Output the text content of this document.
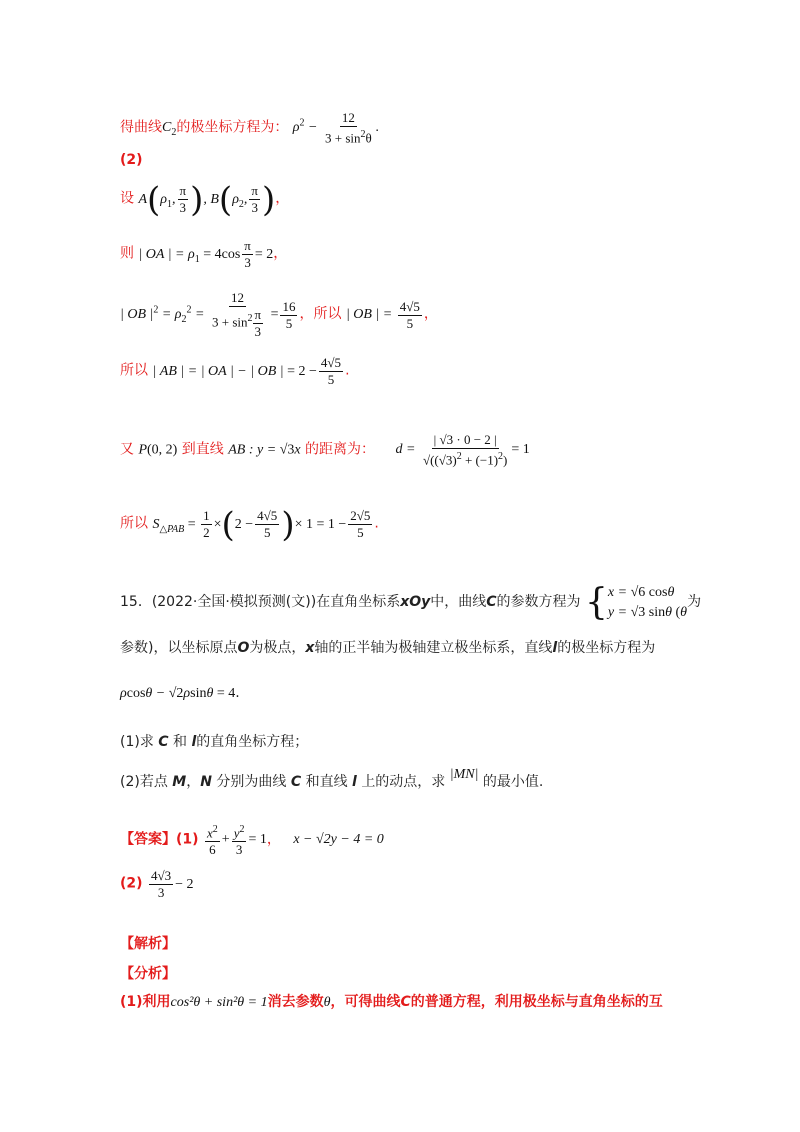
得曲线$C_2$的极坐标方程为： $\rho^2 - \frac{12}{3 + \sin^2\theta}$ .
(2)
设 $A(\rho_1$, $\frac{\pi}{3}$ ), $B(\rho_2$, $\frac{\pi}{3}$ )，
则 | OA | = $\rho_1 = 4\cos \frac{\pi}{3} = 2$，
| OB $|^2 = \rho_2^2 = \frac{12}{3 + \sin^2 \frac{\pi}{3}} = \frac{16}{5}$ ，所以 | OB | = $\frac{4√5}{5}$ ，
所以 | AB | = | OA | − | OB | = $2 - \frac{4√5}{5}$ .
又 P(0, 2) 到直线 AB : y = √3x 的距离为： $d = \frac{| √3 \cdot 0 - 2 |}{√((√3)^2 + (-1)^2)} = 1$
所以 $S_{\triangle PAB} = \frac{1}{2} \times(2 - \frac{4√5}{5}$ )× $1 = 1 - \frac{2√5}{5}$ .
15．(2022·全国·模拟预测(文))在直角坐标系xOy中，曲线C的参数方程为 { x = √6 cosθ
y = √3 sinθ (θ
为
参数)，以坐标原点O为极点，x轴的正半轴为极轴建立极坐标系，直线l的极坐标方程为
ρcosθ − √2ρsinθ = 4.
(1)求 C 和 l的直角坐标方程；
(2)若点 M，N 分别为曲线 C 和直线 l 上的动点，求 |MN| 的最小值.
【答案】$(1) \frac{x^2}{6} + \frac{y^2}{3} = 1$， x − √2y − 4 = 0
$(2) \frac{4√3}{3} - 2$
【解析】
【分析】
(1)利用cos²θ + sin²θ = 1消去参数θ，可得曲线C的普通方程，利用极坐标与直角坐标的互
